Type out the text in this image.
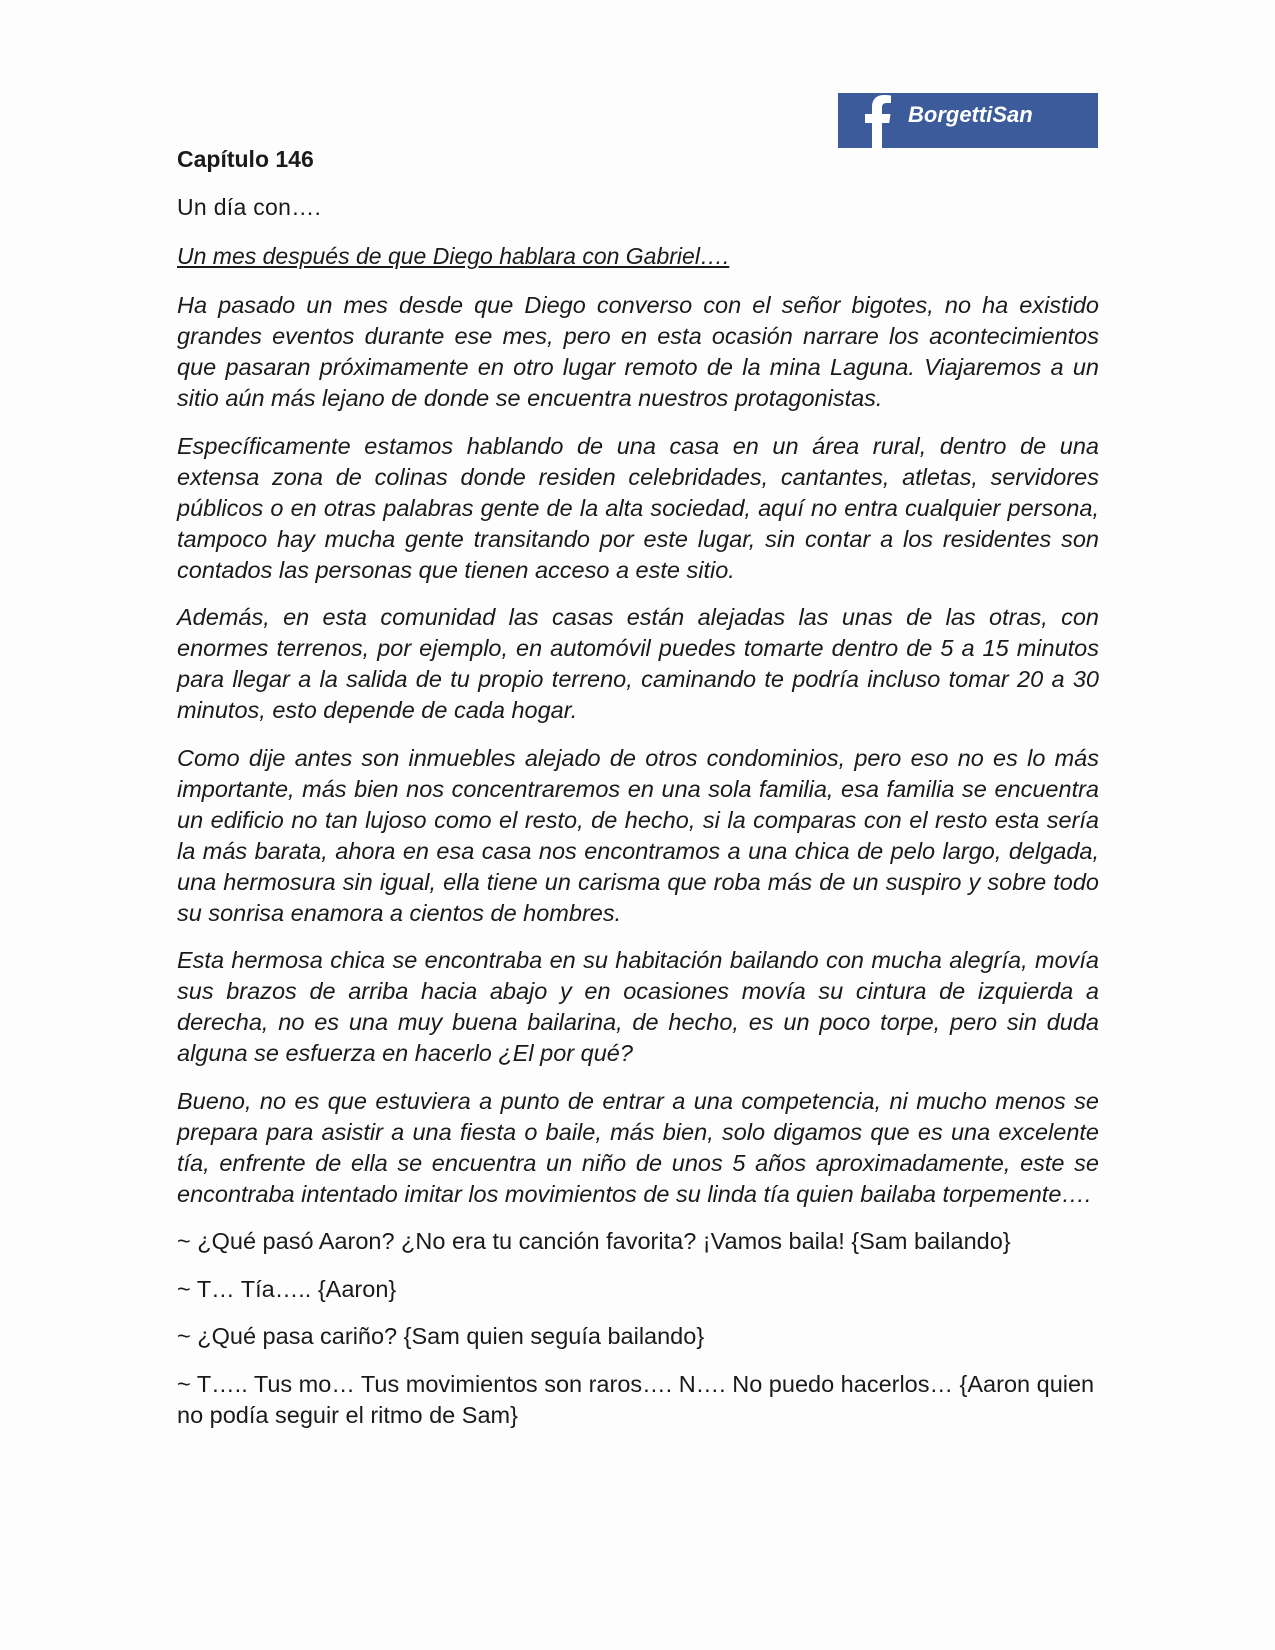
BorgettiSan
Capítulo 146
Un día con….

Un mes después de que Diego hablara con Gabriel….

Ha pasado un mes desde que Diego converso con el señor bigotes, no ha existido grandes eventos durante ese mes, pero en esta ocasión narrare los acontecimientos que pasaran próximamente en otro lugar remoto de la mina Laguna. Viajaremos a un sitio aún más lejano de donde se encuentra nuestros protagonistas.

Específicamente estamos hablando de una casa en un área rural, dentro de una extensa zona de colinas donde residen celebridades, cantantes, atletas, servidores públicos o en otras palabras gente de la alta sociedad, aquí no entra cualquier persona, tampoco hay mucha gente transitando por este lugar, sin contar a los residentes son contados las personas que tienen acceso a este sitio.

Además, en esta comunidad las casas están alejadas las unas de las otras, con enormes terrenos, por ejemplo, en automóvil puedes tomarte dentro de 5 a 15 minutos para llegar a la salida de tu propio terreno, caminando te podría incluso tomar 20 a 30 minutos, esto depende de cada hogar.

Como dije antes son inmuebles alejado de otros condominios, pero eso no es lo más importante, más bien nos concentraremos en una sola familia, esa familia se encuentra un edificio no tan lujoso como el resto, de hecho, si la comparas con el resto esta sería la más barata, ahora en esa casa nos encontramos a una chica de pelo largo, delgada, una hermosura sin igual, ella tiene un carisma que roba más de un suspiro y sobre todo su sonrisa enamora a cientos de hombres.

Esta hermosa chica se encontraba en su habitación bailando con mucha alegría, movía sus brazos de arriba hacia abajo y en ocasiones movía su cintura de izquierda a derecha, no es una muy buena bailarina, de hecho, es un poco torpe, pero sin duda alguna se esfuerza en hacerlo ¿El por qué?

Bueno, no es que estuviera a punto de entrar a una competencia, ni mucho menos se prepara para asistir a una fiesta o baile, más bien, solo digamos que es una excelente tía, enfrente de ella se encuentra un niño de unos 5 años aproximadamente, este se encontraba intentado imitar los movimientos de su linda tía quien bailaba torpemente….

~ ¿Qué pasó Aaron? ¿No era tu canción favorita? ¡Vamos baila! {Sam bailando}

~ T… Tía….. {Aaron}

~ ¿Qué pasa cariño? {Sam quien seguía bailando}

~ T….. Tus mo… Tus movimientos son raros…. N…. No puedo hacerlos… {Aaron quien no podía seguir el ritmo de Sam}
